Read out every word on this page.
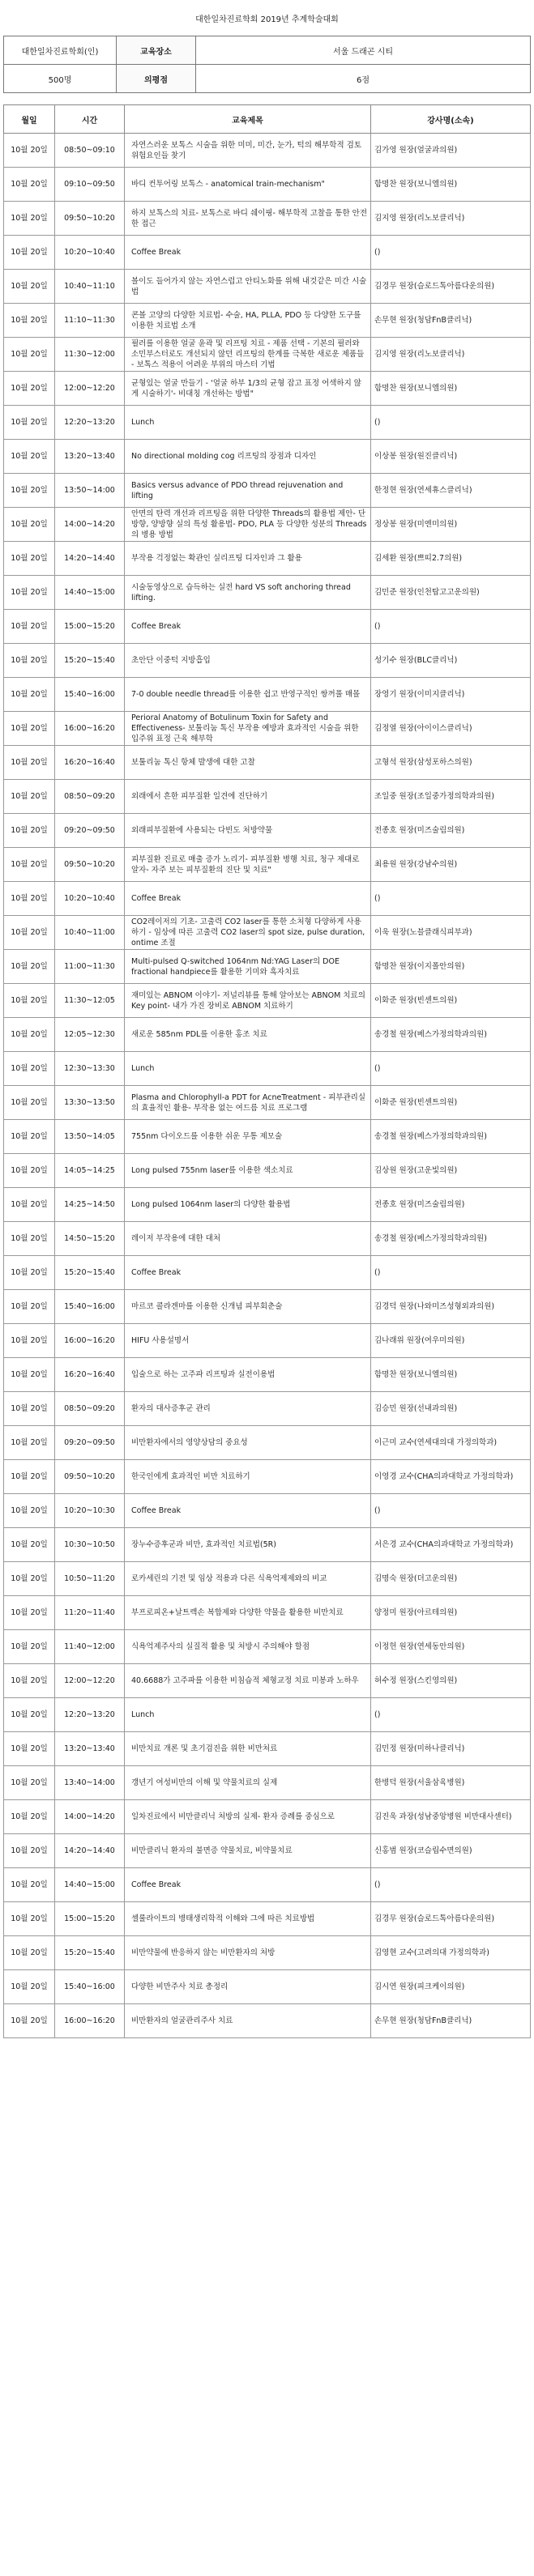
대한일차진료학회 2019년 추계학술대회
대한일차진료학회(인)	교육장소	서울 드래곤 시티
500명	의평점	6점
월일	시간	교육제목	강사명(소속)
10월 20일	08:50~09:10	자연스러운 보톡스 시술을 위한 미미, 미간, 눈가, 턱의 해부학적 검토 위험요인들 찾기	김가영 원장(얼굴과의원)
10월 20일	09:10~09:50	바디 컨투어링 보톡스 - anatomical train-mechanism"	함명찬 원장(보니엘의원)
10월 20일	09:50~10:20	하지 보톡스의 치료- 보톡스로 바디 쉐이핑- 해부학적 고찰을 통한 안전한 접근	김지영 원장(리노보클리닉)
10월 20일	10:20~10:40	Coffee Break	()
10월 20일	10:40~11:10	볼이도 들어가지 않는 자연스럽고 안티노화를 위해 내것같은 미간 시술법	김경무 원장(슬로드톡아름다운의원)
10월 20일	11:10~11:30	콘볼 고양의 다양한 치료법- 수술, HA, PLLA, PDO 등 다양한 도구를 이용한 치료법 소개	손무현 원장(청담FnB클리닉)
10월 20일	11:30~12:00	필러를 이용한 얼굴 윤곽 및 리프팅 치료 - 제품 선택 - 기본의 필러와 소민부스터로도 개선되지 않던 리프팅의 한계를 극복한 새로운 제품들 - 보톡스 적용이 어려운 부위의 마스터 기법	김지영 원장(리노보클리닉)
10월 20일	12:00~12:20	균형있는 얼굴 만들기 - '얼굴 하부 1/3의 균형 잡고 표정 어색하지 않게 시술하기'- 비대칭 개선하는 방법"	함명찬 원장(보니엘의원)
10월 20일	12:20~13:20	Lunch	()
10월 20일	13:20~13:40	No directional molding cog 리프팅의 장점과 디자인	이상봉 원장(원진클리닉)
10월 20일	13:50~14:00	Basics versus advance of PDO thread rejuvenation and lifting	한정현 원장(연세휴스클리닉)
10월 20일	14:00~14:20	안면의 탄력 개선과 리프팅을 위한 다양한 Threads의 활용법 제안- 단방향, 양방향 실의 특성 활용법- PDO, PLA 등 다양한 성분의 Threads의 병용 방법	정상봉 원장(미엔미의원)
10월 20일	14:20~14:40	부작용 걱정없는 확관인 실리프팅 디자인과 그 활용	김세환 원장(쁘띠2.7의원)
10월 20일	14:40~15:00	시술동영상으로 습득하는 실전 hard VS soft anchoring thread lifting.	김민준 원장(인천탑고고운의원)
10월 20일	15:00~15:20	Coffee Break	()
10월 20일	15:20~15:40	초안단 이중턱 지방흡입	성기수 원장(BLC클리닉)
10월 20일	15:40~16:00	7-0 double needle thread를 이용한 쉽고 반영구적인 쌍꺼풀 매몰	장영기 원장(이미지클리닉)
10월 20일	16:00~16:20	Perioral Anatomy of Botulinum Toxin for Safety and Effectiveness- 보툴리눔 톡신 부작용 예방과 효과적인 시술을 위한 입주위 표정 근육 해부학	김정열 원장(아이이스클리닉)
10월 20일	16:20~16:40	보툴리눔 톡신 항체 발생에 대한 고찰	고형석 원장(삼성포하스의원)
10월 20일	08:50~09:20	외래에서 흔한 피부질환 일견에 진단하기	조일중 원장(조일중가정의학과의원)
10월 20일	09:20~09:50	외래피부질환에 사용되는 다빈도 처방약물	전종호 원장(미즈술림의원)
10월 20일	09:50~10:20	피부질환 진료로 매출 증가 노리기- 피부질환 병행 치료, 청구 제대로 알자- 자주 보는 피부질환의 진단 및 치료"	최용원 원장(강남수의원)
10월 20일	10:20~10:40	Coffee Break	()
10월 20일	10:40~11:00	CO2레이저의 기초- 고출력 CO2 laser를 통한 소처형 다양하게 사용하기 - 임상에 따른 고출력 CO2 laser의 spot size, pulse duration, ontime 조절	이욱 원장(노블클래식피부과)
10월 20일	11:00~11:30	Multi-pulsed Q-switched 1064nm Nd:YAG Laser의 DOE fractional handpiece를 활용한 기미와 흑자치료	함명찬 원장(이지폴안의원)
10월 20일	11:30~12:05	재미있는 ABNOM 이야기- 저널리뷰를 통해 알아보는 ABNOM 치료의 Key point- 내가 가진 장비로 ABNOM 치료하기	이화준 원장(빈센트의원)
10월 20일	12:05~12:30	새로운 585nm PDL를 이용한 홍조 치료	송경철 원장(베스가정의학과의원)
10월 20일	12:30~13:30	Lunch	()
10월 20일	13:30~13:50	Plasma and Chlorophyll-a PDT for AcneTreatment - 피부관리실의 효율적인 활용- 부작용 없는 여드름 치료 프로그램	이화준 원장(빈센트의원)
10월 20일	13:50~14:05	755nm 다이오드를 이용한 쉬운 무통 제모술	송경철 원장(베스가정의학과의원)
10월 20일	14:05~14:25	Long pulsed 755nm laser를 이용한 색소치료	김상원 원장(고운빛의원)
10월 20일	14:25~14:50	Long pulsed 1064nm laser의 다양한 활용법	전종호 원장(미즈술림의원)
10월 20일	14:50~15:20	레이저 부작용에 대한 대처	송경철 원장(베스가정의학과의원)
10월 20일	15:20~15:40	Coffee Break	()
10월 20일	15:40~16:00	마르코 콜라겐마를 이용한 신개념 피부회춘술	김경덕 원장(나와미즈성형외과의원)
10월 20일	16:00~16:20	HIFU 사용설명서	김나래위 원장(여우미의원)
10월 20일	16:20~16:40	입술으로 하는 고주파 리프팅과 실전이용법	함명찬 원장(보니엘의원)
10월 20일	08:50~09:20	환자의 대사증후군 관리	김승민 원장(선내과의원)
10월 20일	09:20~09:50	비만환자에서의 영양상담의 중요성	이근미 교수(연세대의대 가정의학과)
10월 20일	09:50~10:20	한국인에게 효과적인 비만 치료하기	이영경 교수(CHA의과대학교 가정의학과)
10월 20일	10:20~10:30	Coffee Break	()
10월 20일	10:30~10:50	장누수증후군과 비만, 효과적인 치료법(5R)	서은경 교수(CHA의과대학교 가정의학과)
10월 20일	10:50~11:20	로카세린의 기전 및 임상 적용과 다른 식욕억제제와의 비교	김명숙 원장(더고운의원)
10월 20일	11:20~11:40	부프로피온+날트렉손 복합제와 다양한 약물을 활용한 비만치료	양정미 원장(아르테의원)
10월 20일	11:40~12:00	식욕억제주사의 실질적 활용 및 처방시 주의해야 할점	이정헌 원장(연세동안의원)
10월 20일	12:00~12:20	40.6688가 고주파를 이용한 비침습적 체형교정 치료 미봉과 노하우	허수정 원장(스킨영의원)
10월 20일	12:20~13:20	Lunch	()
10월 20일	13:20~13:40	비만치료 개론 및 초기검진을 위한 비만처료	김민정 원장(미하나클리닉)
10월 20일	13:40~14:00	갱년기 여성비만의 이해 및 약물치료의 실제	한병덕 원장(서울삼육병원)
10월 20일	14:00~14:20	일차진료에서 비만클리닉 처방의 실제- 환자 증례를 중심으로	김진욱 과장(성남중앙병원 비만대사센터)
10월 20일	14:20~14:40	비만클리닉 환자의 불면증 약물치료, 비약물치료	신홍범 원장(코슬립수면의원)
10월 20일	14:40~15:00	Coffee Break	()
10월 20일	15:00~15:20	셀룰라이트의 병태생리학적 이해와 그에 따른 치료방법	김경무 원장(슬로드톡아름다운의원)
10월 20일	15:20~15:40	비만약물에 반응하지 않는 비만환자의 처방	김영현 교수(고려의대 가정의학과)
10월 20일	15:40~16:00	다양한 비만주사 치료 총정리	김시연 원장(피크케이의원)
10월 20일	16:00~16:20	비만환자의 얼굴관리주사 치료	손무현 원장(청담FnB클리닉)
